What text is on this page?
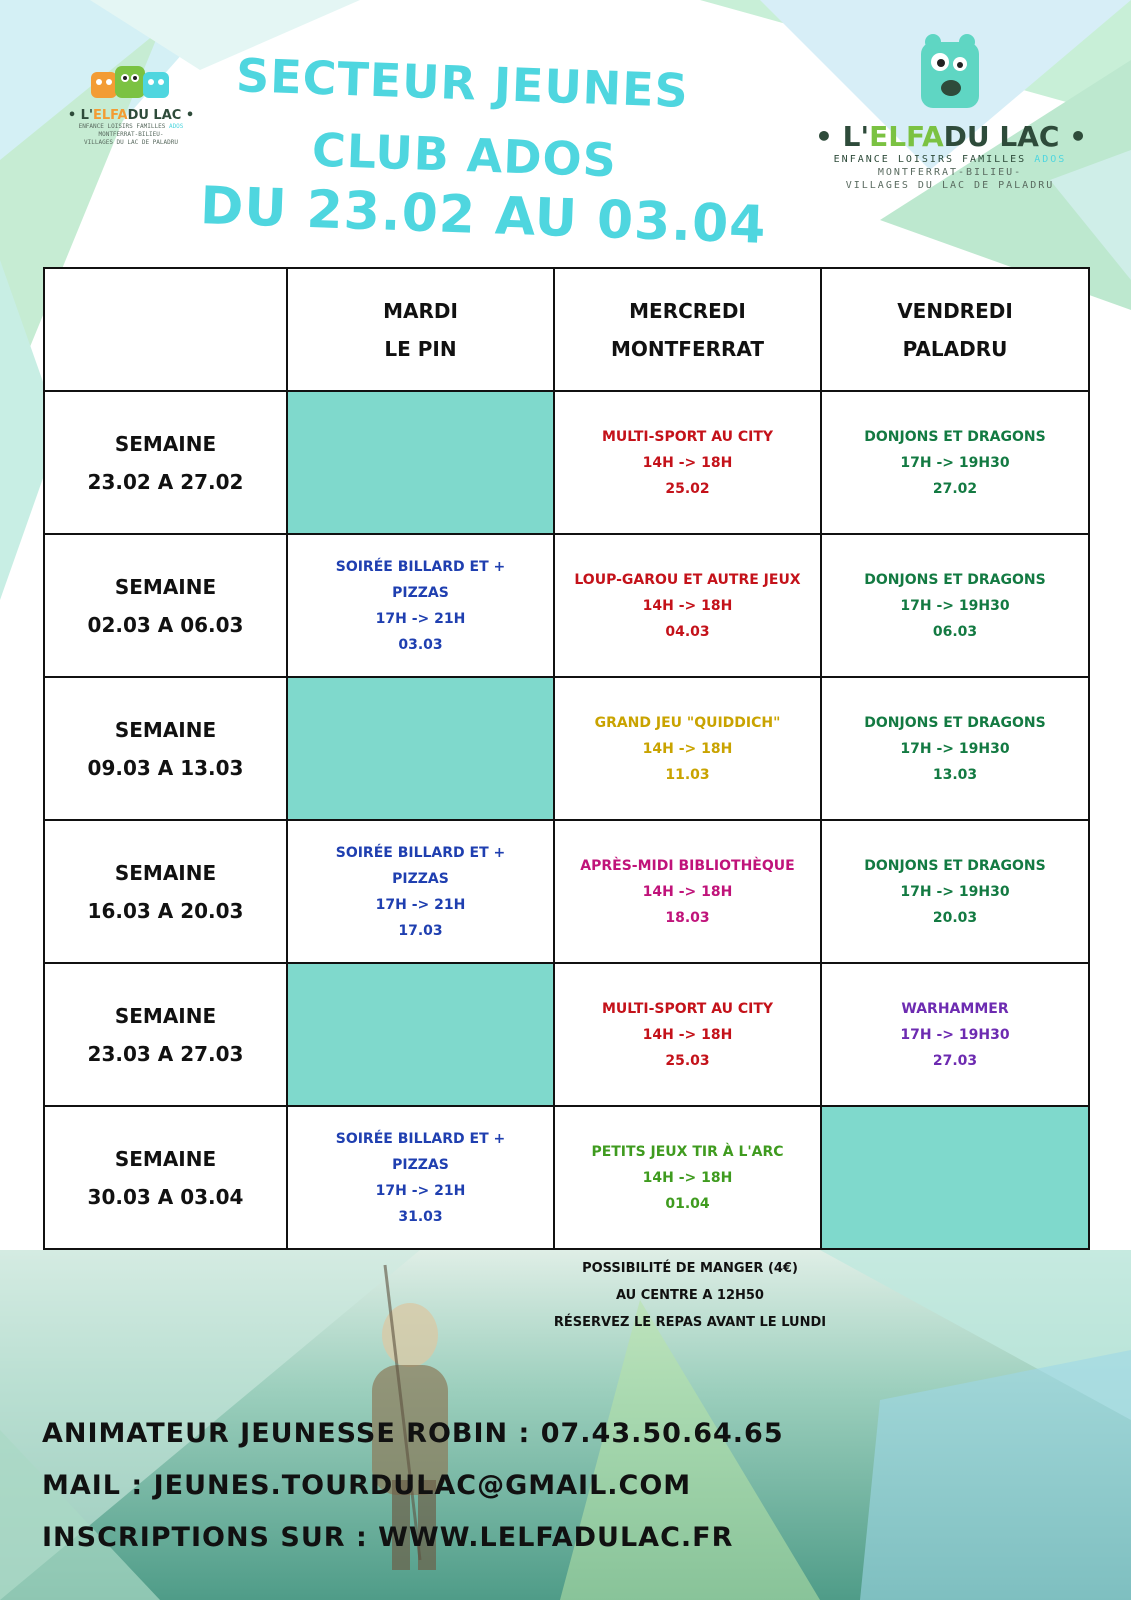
SECTEUR JEUNES
CLUB ADOS
DU 23.02 AU 03.04
• L'ELFADU LAC •
ENFANCE LOISIRS FAMILLES ADOS
MONTFERRAT-BILIEU-
VILLAGES DU LAC DE PALADRU	• L'ELFADU LAC •
ENFANCE LOISIRS FAMILLES ADOS
MONTFERRAT-BILIEU-
VILLAGES DU LAC DE PALADRU
	MARDI
LE PIN	MERCREDI
MONTFERRAT	VENDREDI
PALADRU
SEMAINE
23.02 A 27.02		MULTI-SPORT AU CITY
14H -> 18H
25.02	DONJONS ET DRAGONS
17H -> 19H30
27.02
SEMAINE
02.03 A 06.03	SOIRÉE BILLARD ET +
PIZZAS
17H -> 21H
03.03	LOUP-GAROU ET AUTRE JEUX
14H -> 18H
04.03	DONJONS ET DRAGONS
17H -> 19H30
06.03
SEMAINE
09.03 A 13.03		GRAND JEU "QUIDDICH"
14H -> 18H
11.03	DONJONS ET DRAGONS
17H -> 19H30
13.03
SEMAINE
16.03 A 20.03	SOIRÉE BILLARD ET +
PIZZAS
17H -> 21H
17.03	APRÈS-MIDI BIBLIOTHÈQUE
14H -> 18H
18.03	DONJONS ET DRAGONS
17H -> 19H30
20.03
SEMAINE
23.03 A 27.03		MULTI-SPORT AU CITY
14H -> 18H
25.03	WARHAMMER
17H -> 19H30
27.03
SEMAINE
30.03 A 03.04	SOIRÉE BILLARD ET +
PIZZAS
17H -> 21H
31.03	PETITS JEUX TIR À L'ARC
14H -> 18H
01.04	
POSSIBILITÉ DE MANGER (4€)
AU CENTRE A 12H50
RÉSERVEZ LE REPAS AVANT LE LUNDI

ANIMATEUR JEUNESSE ROBIN : 07.43.50.64.65

MAIL : JEUNES.TOURDULAC@GMAIL.COM

INSCRIPTIONS SUR : WWW.LELFADULAC.FR
